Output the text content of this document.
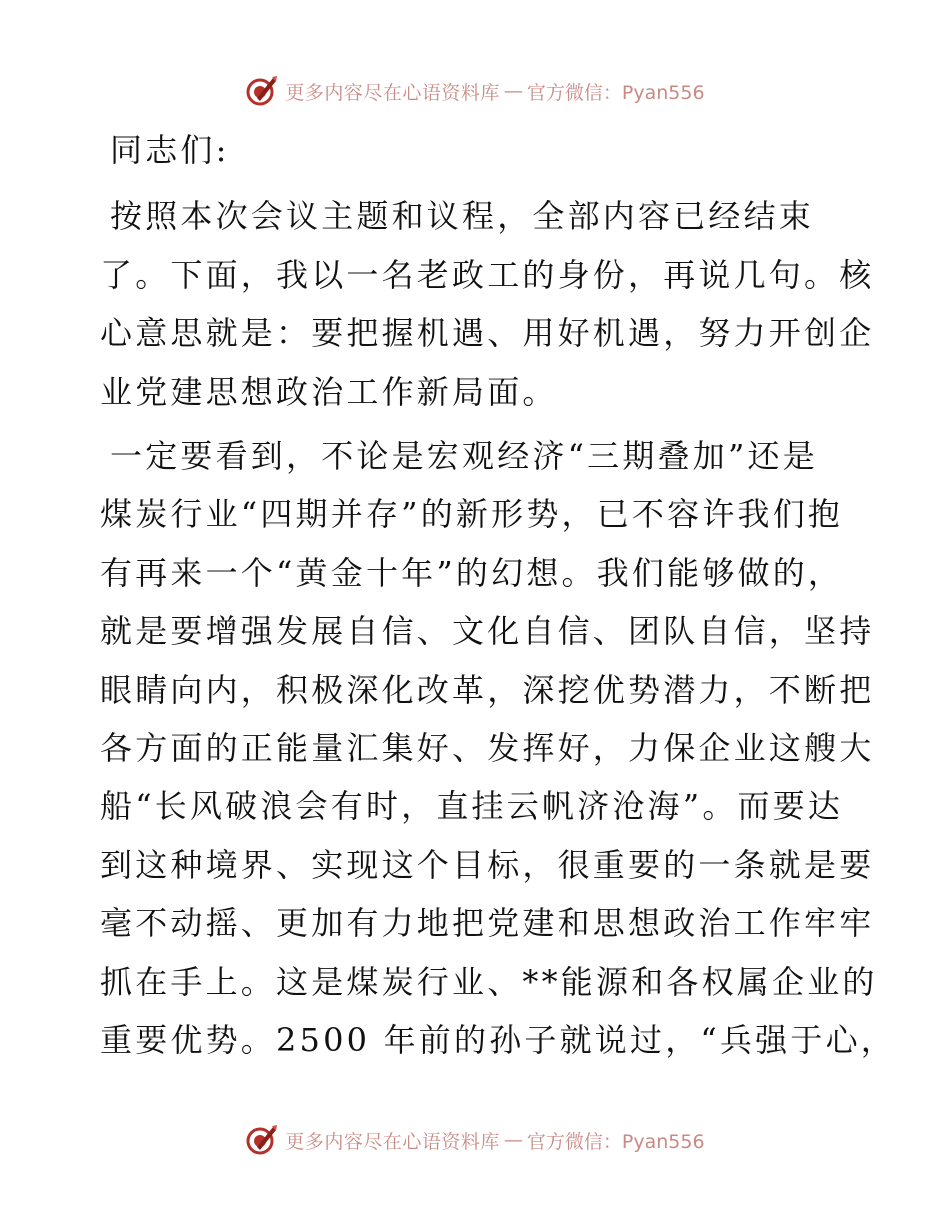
更多内容尽在心语资料库 — 官方微信：Pyan556
同志们:
按照本次会议主题和议程，全部内容已经结束
了。下面，我以一名老政工的身份，再说几句。核
心意思就是：要把握机遇、用好机遇，努力开创企
业党建思想政治工作新局面。
一定要看到，不论是宏观经济“三期叠加”还是
煤炭行业“四期并存”的新形势，已不容许我们抱
有再来一个“黄金十年”的幻想。我们能够做的，
就是要增强发展自信、文化自信、团队自信，坚持
眼睛向内，积极深化改革，深挖优势潜力，不断把
各方面的正能量汇集好、发挥好，力保企业这艘大
船“长风破浪会有时，直挂云帆济沧海”。而要达
到这种境界、实现这个目标，很重要的一条就是要
毫不动摇、更加有力地把党建和思想政治工作牢牢
抓在手上。这是煤炭行业、**能源和各权属企业的
重要优势。2500 年前的孙子就说过，“兵强于心，
更多内容尽在心语资料库 — 官方微信：Pyan556
